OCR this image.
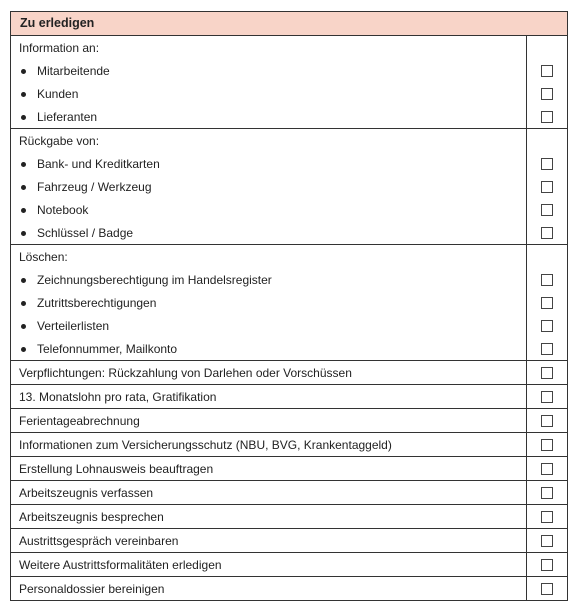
Zu erledigen
Information an:
Mitarbeitende
Kunden
Lieferanten
Rückgabe von:
Bank- und Kreditkarten
Fahrzeug / Werkzeug
Notebook
Schlüssel / Badge
Löschen:
Zeichnungsberechtigung im Handelsregister
Zutrittsberechtigungen
Verteilerlisten
Telefonnummer, Mailkonto
Verpflichtungen: Rückzahlung von Darlehen oder Vorschüssen
13. Monatslohn pro rata, Gratifikation
Ferientageabrechnung
Informationen zum Versicherungsschutz (NBU, BVG, Krankentaggeld)
Erstellung Lohnausweis beauftragen
Arbeitszeugnis verfassen
Arbeitszeugnis besprechen
Austrittsgespräch vereinbaren
Weitere Austrittsformalitäten erledigen
Personaldossier bereinigen
